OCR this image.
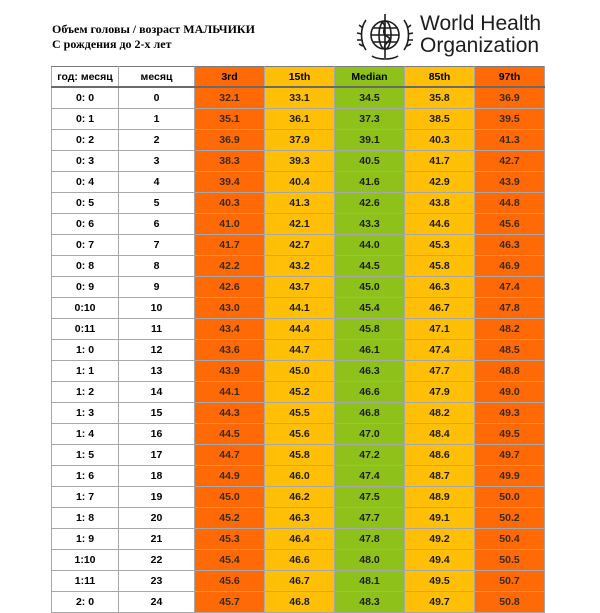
Объем головы / возраст МАЛЬЧИКИ
С рождения до 2-х лет
World Health
Organization
год: месяц	месяц	3rd	15th	Median	85th	97th
0: 0	0	32.1	33.1	34.5	35.8	36.9
0: 1	1	35.1	36.1	37.3	38.5	39.5
0: 2	2	36.9	37.9	39.1	40.3	41.3
0: 3	3	38.3	39.3	40.5	41.7	42.7
0: 4	4	39.4	40.4	41.6	42.9	43.9
0: 5	5	40.3	41.3	42.6	43.8	44.8
0: 6	6	41.0	42.1	43.3	44.6	45.6
0: 7	7	41.7	42.7	44.0	45.3	46.3
0: 8	8	42.2	43.2	44.5	45.8	46.9
0: 9	9	42.6	43.7	45.0	46.3	47.4
0:10	10	43.0	44.1	45.4	46.7	47.8
0:11	11	43.4	44.4	45.8	47.1	48.2
1: 0	12	43.6	44.7	46.1	47.4	48.5
1: 1	13	43.9	45.0	46.3	47.7	48.8
1: 2	14	44.1	45.2	46.6	47.9	49.0
1: 3	15	44.3	45.5	46.8	48.2	49.3
1: 4	16	44.5	45.6	47.0	48.4	49.5
1: 5	17	44.7	45.8	47.2	48.6	49.7
1: 6	18	44.9	46.0	47.4	48.7	49.9
1: 7	19	45.0	46.2	47.5	48.9	50.0
1: 8	20	45.2	46.3	47.7	49.1	50.2
1: 9	21	45.3	46.4	47.8	49.2	50.4
1:10	22	45.4	46.6	48.0	49.4	50.5
1:11	23	45.6	46.7	48.1	49.5	50.7
2: 0	24	45.7	46.8	48.3	49.7	50.8
